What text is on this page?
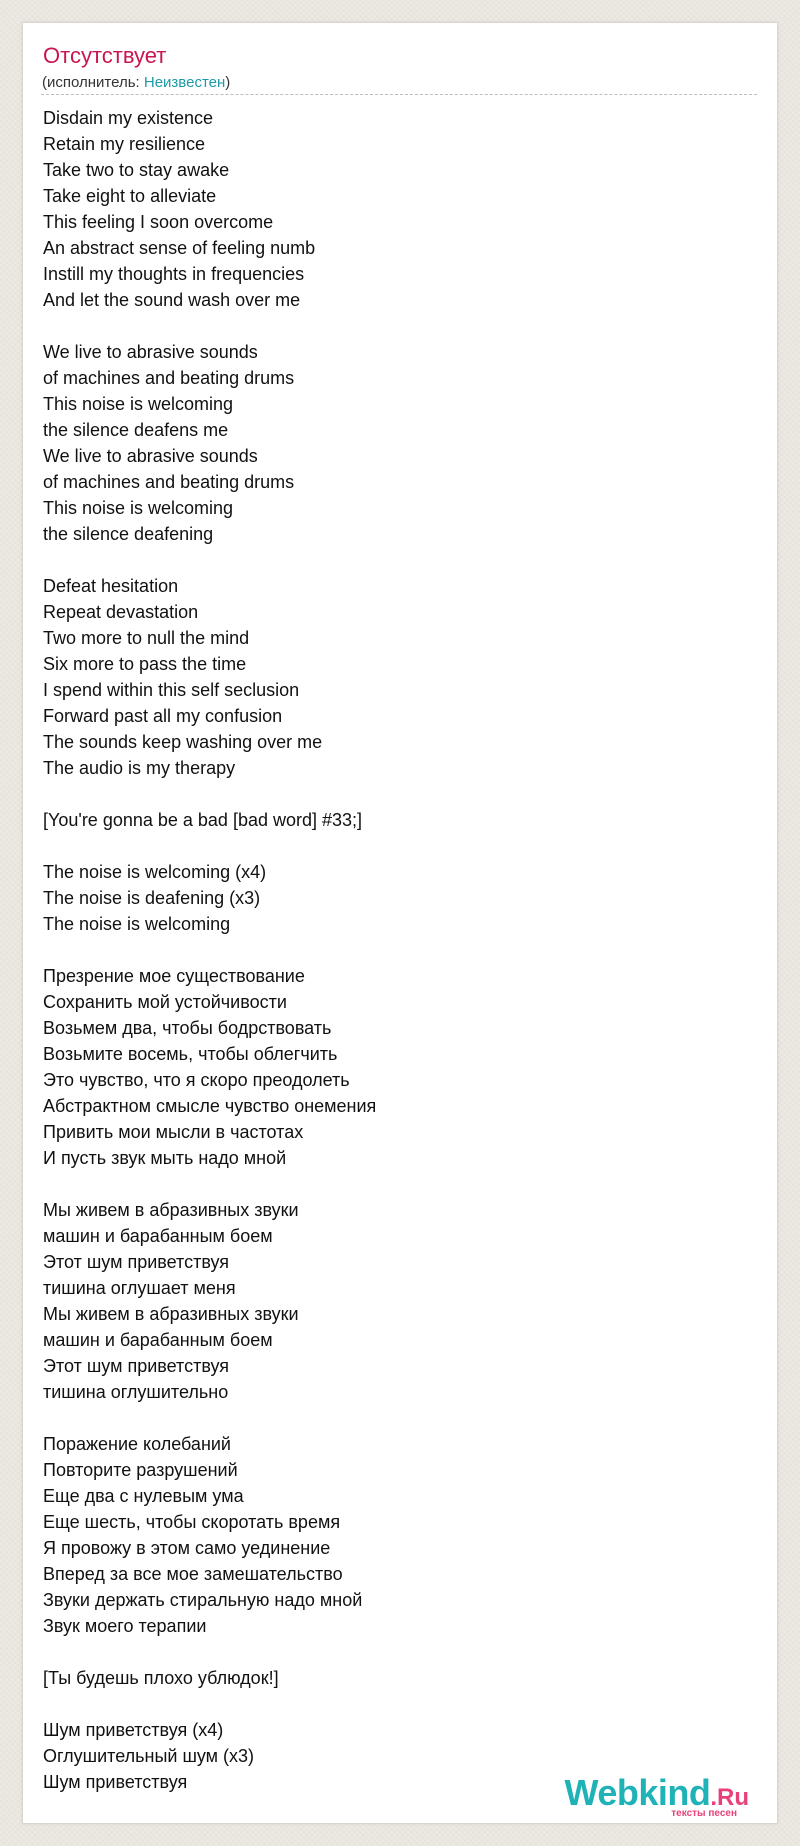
Отсутствует
(исполнитель: Неизвестен)
Disdain my existence
Retain my resilience
Take two to stay awake
Take eight to alleviate
This feeling I soon overcome
An abstract sense of feeling numb
Instill my thoughts in frequencies
And let the sound wash over me
We live to abrasive sounds
of machines and beating drums
This noise is welcoming
the silence deafens me
We live to abrasive sounds
of machines and beating drums
This noise is welcoming
the silence deafening
Defeat hesitation
Repeat devastation
Two more to null the mind
Six more to pass the time
I spend within this self seclusion
Forward past all my confusion
The sounds keep washing over me
The audio is my therapy
[You're gonna be a bad [bad word] #33;]
The noise is welcoming (x4)
The noise is deafening (x3)
The noise is welcoming
Презрение мое существование
Сохранить мой устойчивости
Возьмем два, чтобы бодрствовать
Возьмите восемь, чтобы облегчить
Это чувство, что я скоро преодолеть
Абстрактном смысле чувство онемения
Привить мои мысли в частотах
И пусть звук мыть надо мной
Мы живем в абразивных звуки
машин и барабанным боем
Этот шум приветствуя
тишина оглушает меня
Мы живем в абразивных звуки
машин и барабанным боем
Этот шум приветствуя
тишина оглушительно
Поражение колебаний
Повторите разрушений
Еще два с нулевым ума
Еще шесть, чтобы скоротать время
Я провожу в этом само уединение
Вперед за все мое замешательство
Звуки держать стиральную надо мной
Звук моего терапии
[Ты будешь плохо ублюдок!]
Шум приветствуя (x4)
Оглушительный шум (x3)
Шум приветствуя	Webkind.Ru
тексты песен
